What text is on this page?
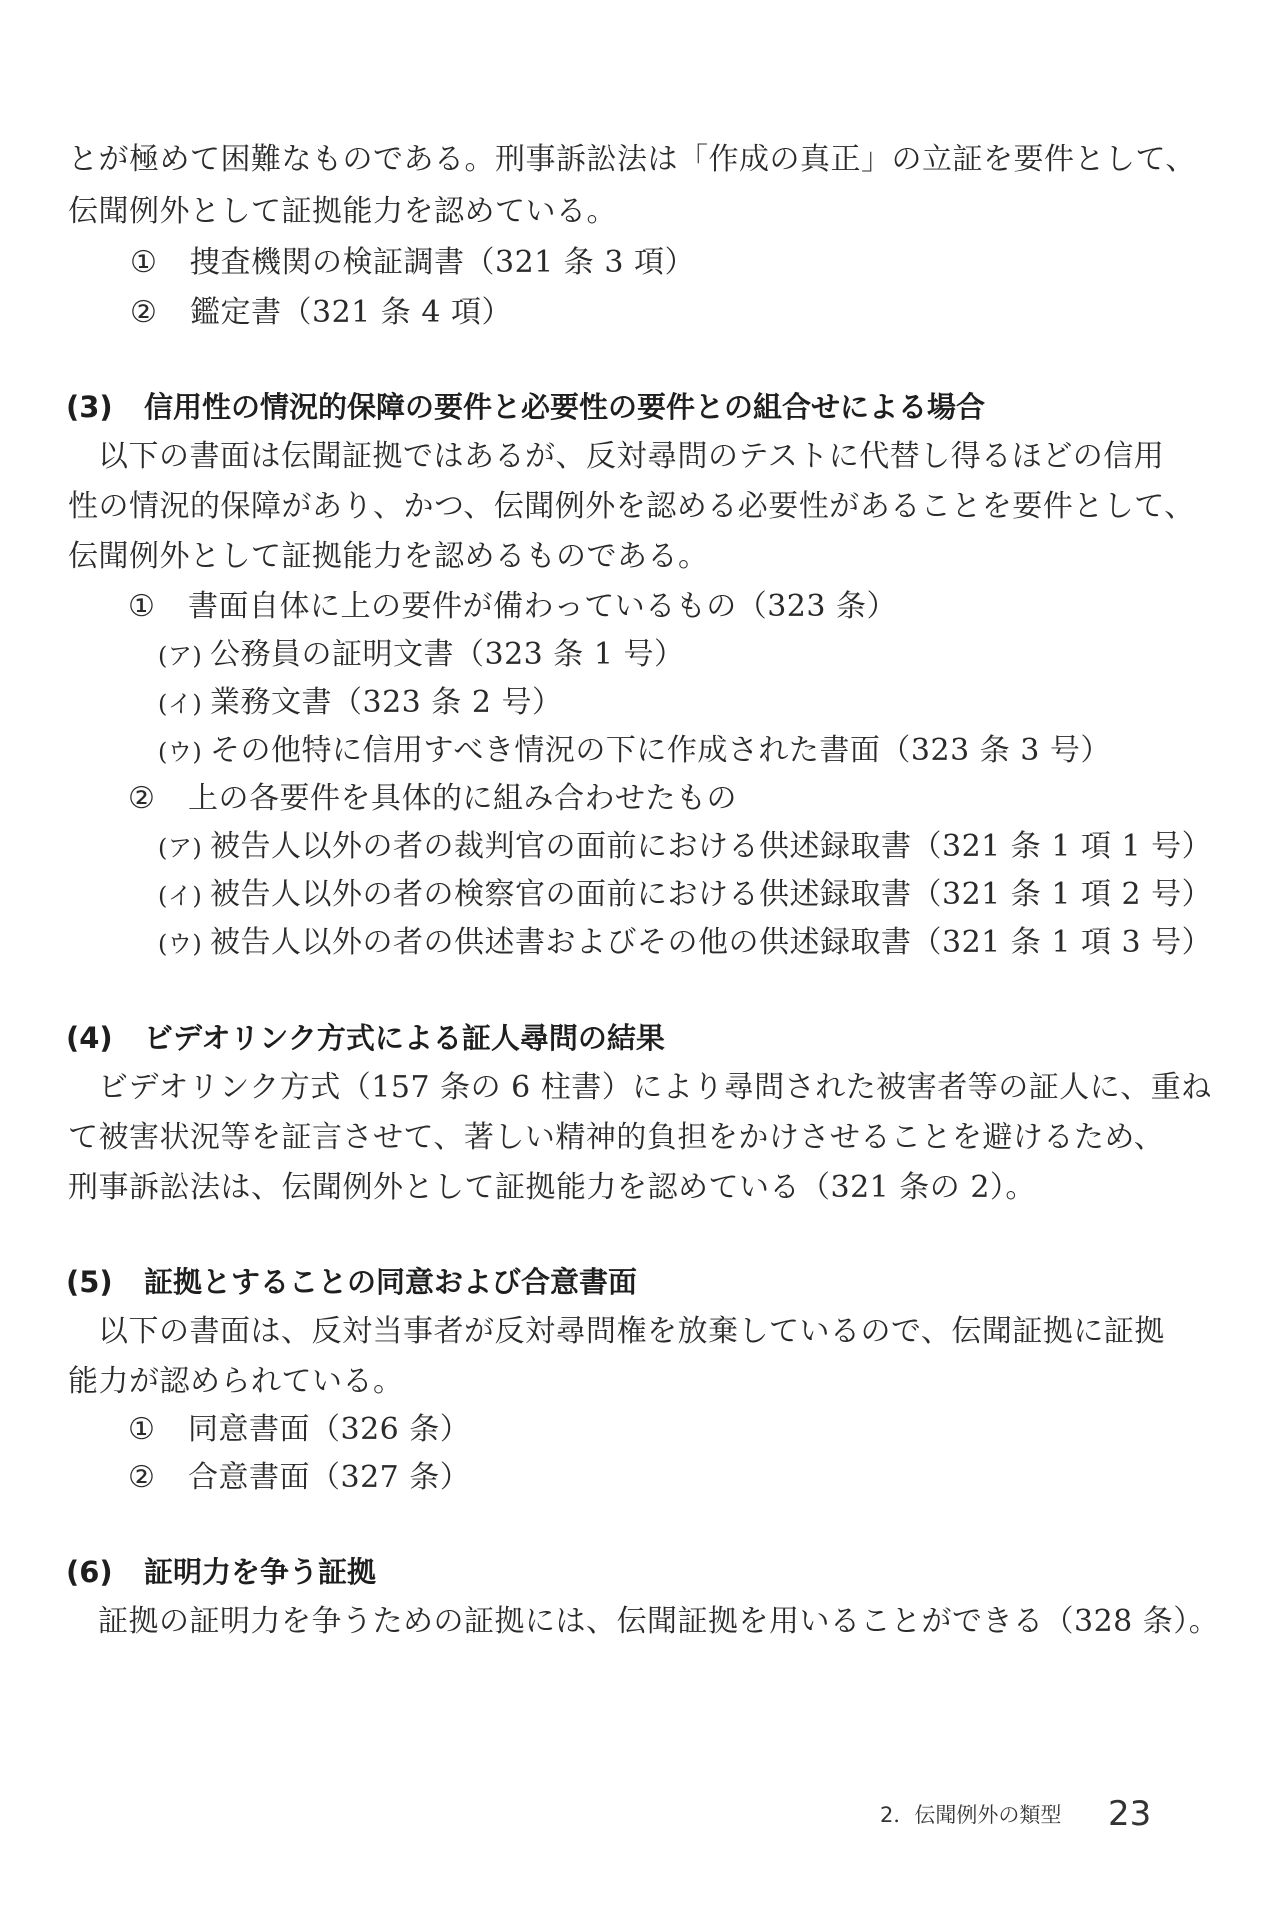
とが極めて困難なものである。刑事訴訟法は「作成の真正」の立証を要件として、
伝聞例外として証拠能力を認めている。
① 捜査機関の検証調書（321 条 3 項）
② 鑑定書（321 条 4 項）
(3) 信用性の情況的保障の要件と必要性の要件との組合せによる場合
以下の書面は伝聞証拠ではあるが、反対尋問のテストに代替し得るほどの信用
性の情況的保障があり、かつ、伝聞例外を認める必要性があることを要件として、
伝聞例外として証拠能力を認めるものである。
① 書面自体に上の要件が備わっているもの（323 条）
(ア) 公務員の証明文書（323 条 1 号）
(イ) 業務文書（323 条 2 号）
(ウ) その他特に信用すべき情況の下に作成された書面（323 条 3 号）
② 上の各要件を具体的に組み合わせたもの
(ア) 被告人以外の者の裁判官の面前における供述録取書（321 条 1 項 1 号）
(イ) 被告人以外の者の検察官の面前における供述録取書（321 条 1 項 2 号）
(ウ) 被告人以外の者の供述書およびその他の供述録取書（321 条 1 項 3 号）
(4) ビデオリンク方式による証人尋問の結果
ビデオリンク方式（157 条の 6 柱書）により尋問された被害者等の証人に、重ね
て被害状況等を証言させて、著しい精神的負担をかけさせることを避けるため、
刑事訴訟法は、伝聞例外として証拠能力を認めている（321 条の 2）。
(5) 証拠とすることの同意および合意書面
以下の書面は、反対当事者が反対尋問権を放棄しているので、伝聞証拠に証拠
能力が認められている。
① 同意書面（326 条）
② 合意書面（327 条）
(6) 証明力を争う証拠
証拠の証明力を争うための証拠には、伝聞証拠を用いることができる（328 条）。
2．伝聞例外の類型 23
